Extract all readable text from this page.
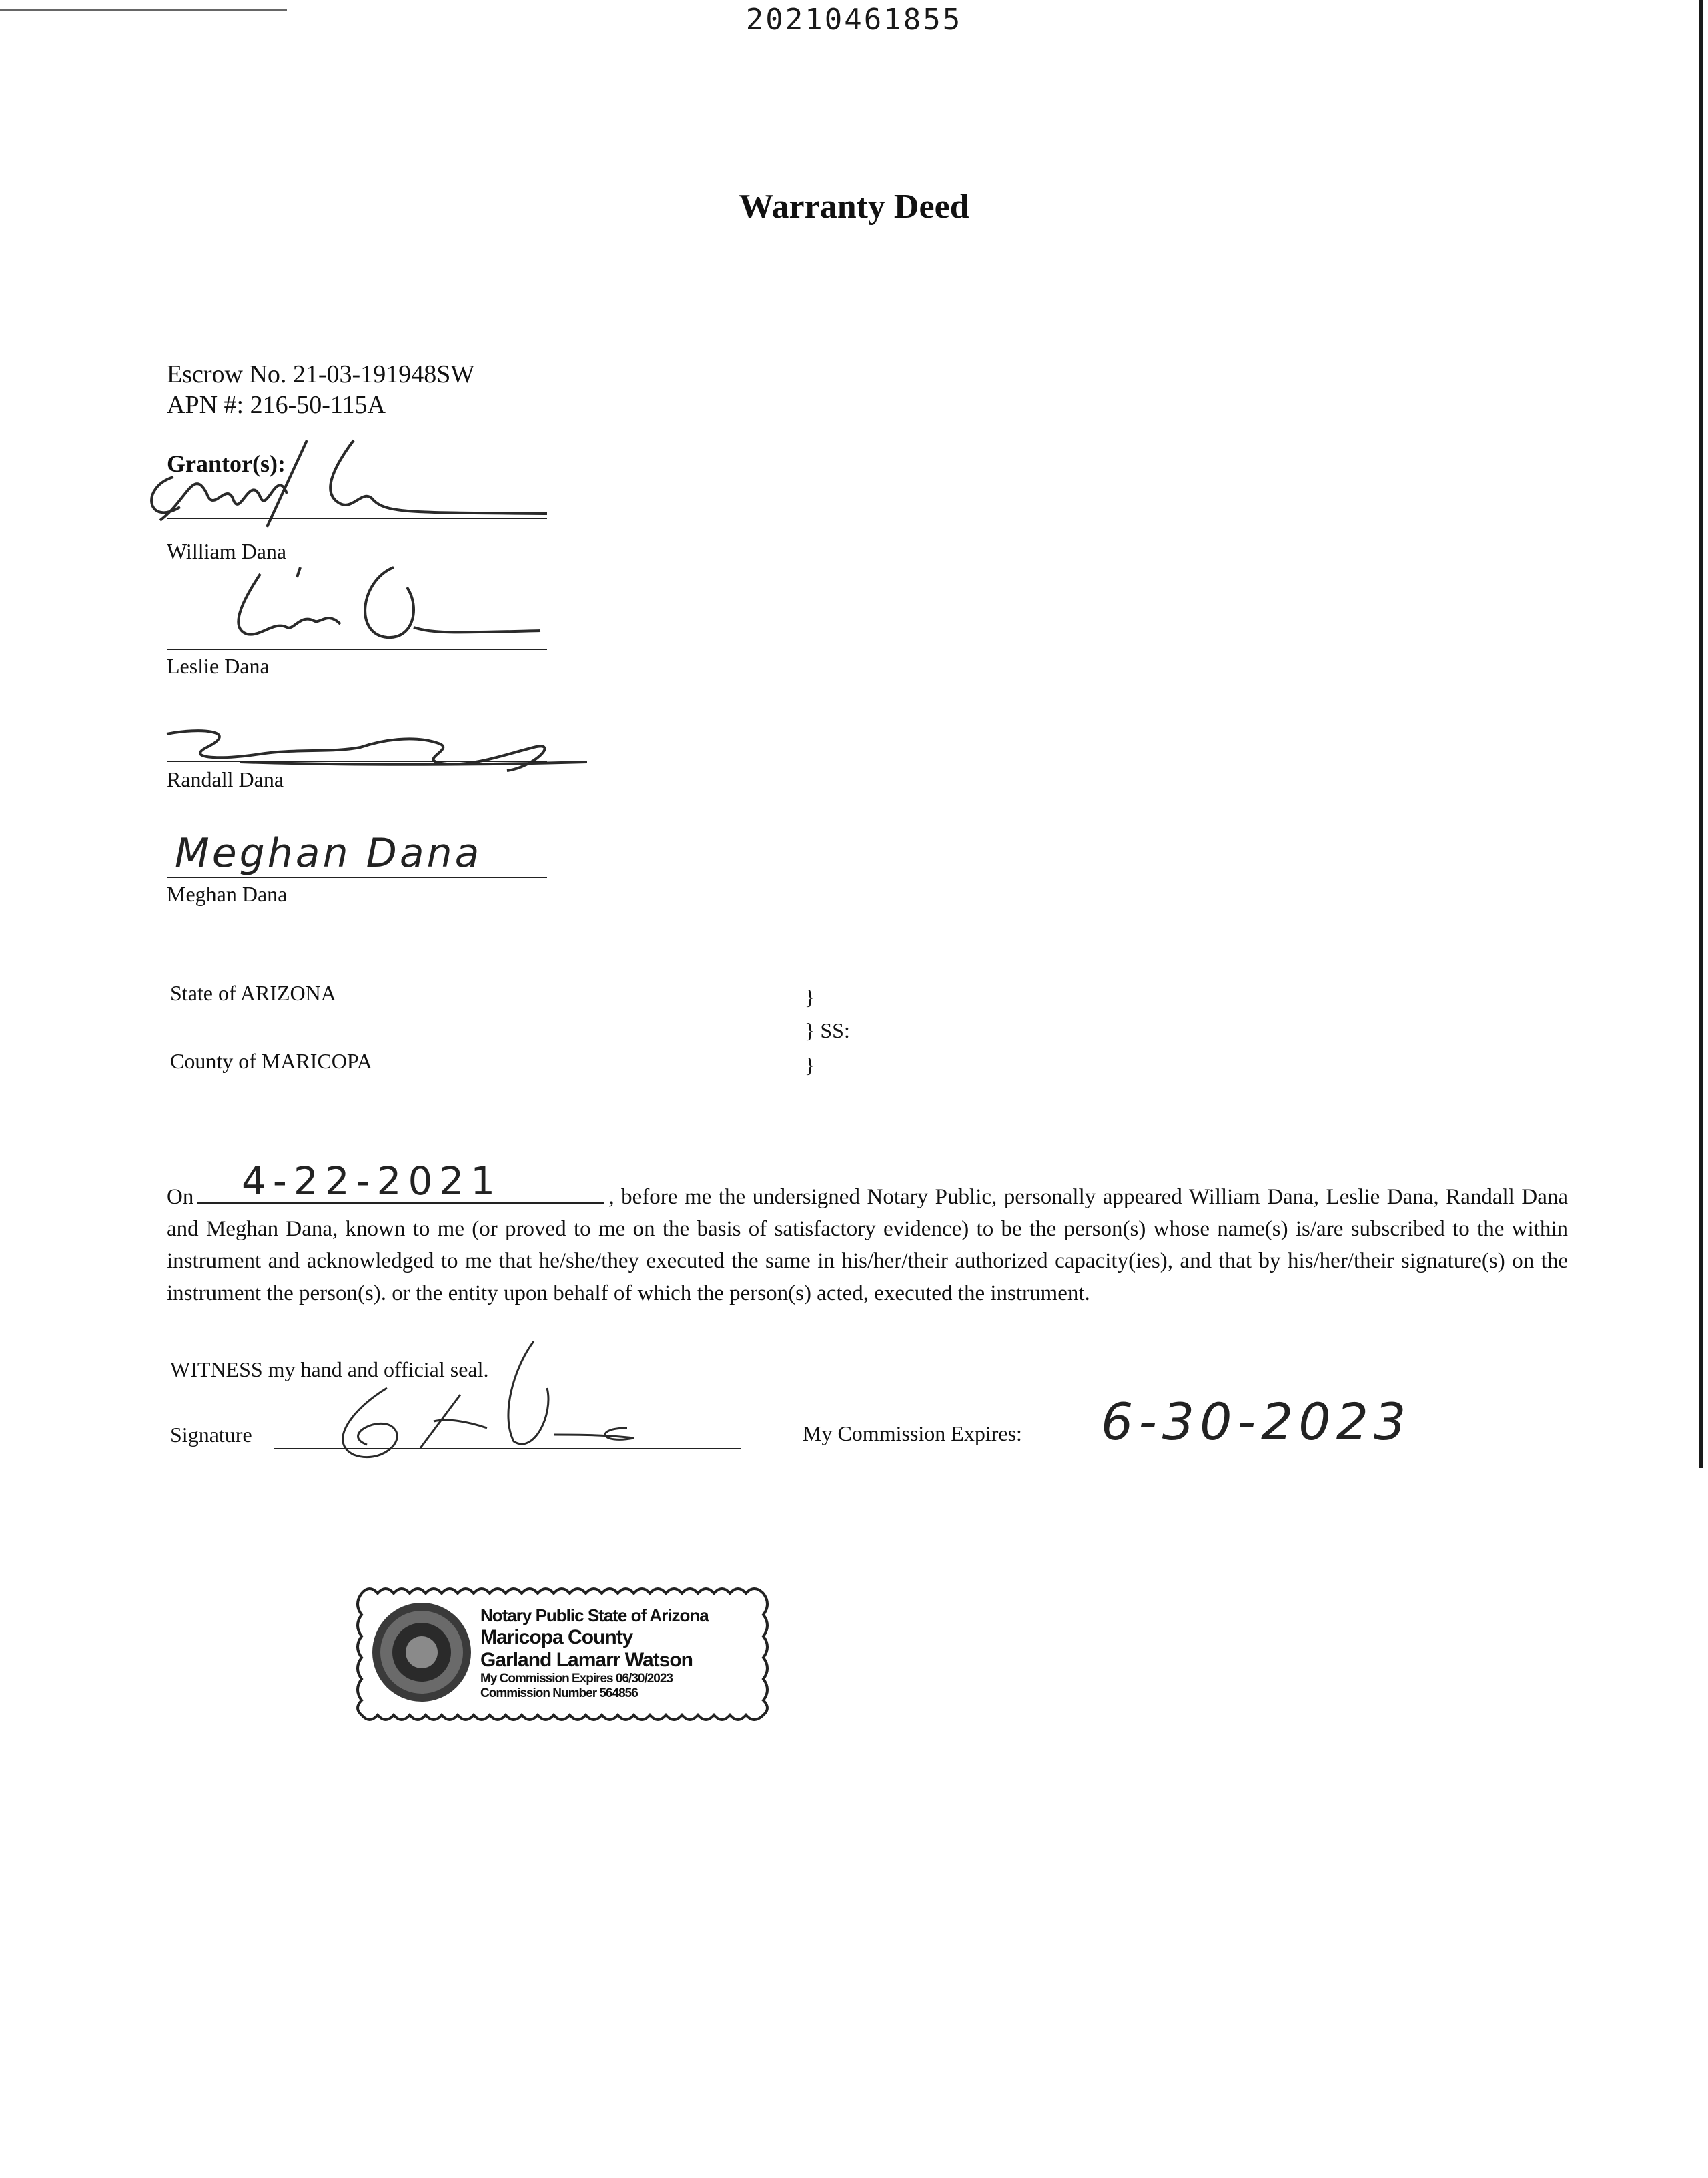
20210461855
Warranty Deed
Escrow No. 21-03-191948SW
APN #: 216-50-115A
Grantor(s):
William Dana
Leslie Dana
Randall Dana
Meghan Dana
Meghan Dana
State of ARIZONA
County of MARICOPA
}
} SS:
}
On	, before me the undersigned Notary Public, personally appeared William Dana, Leslie Dana, Randall Dana and Meghan Dana, known to me (or proved to me on the basis of satisfactory evidence) to be the person(s) whose name(s) is/are subscribed to the within instrument and acknowledged to me that he/she/they executed the same in his/her/their authorized capacity(ies), and that by his/her/their signature(s) on the instrument the person(s). or the entity upon behalf of which the person(s) acted, executed the instrument.
4-22-2021
WITNESS my hand and official seal.
Signature	My Commission Expires: 6-30-2023
Notary Public State of Arizona
Maricopa County
Garland Lamarr Watson
My Commission Expires 06/30/2023
Commission Number 564856
